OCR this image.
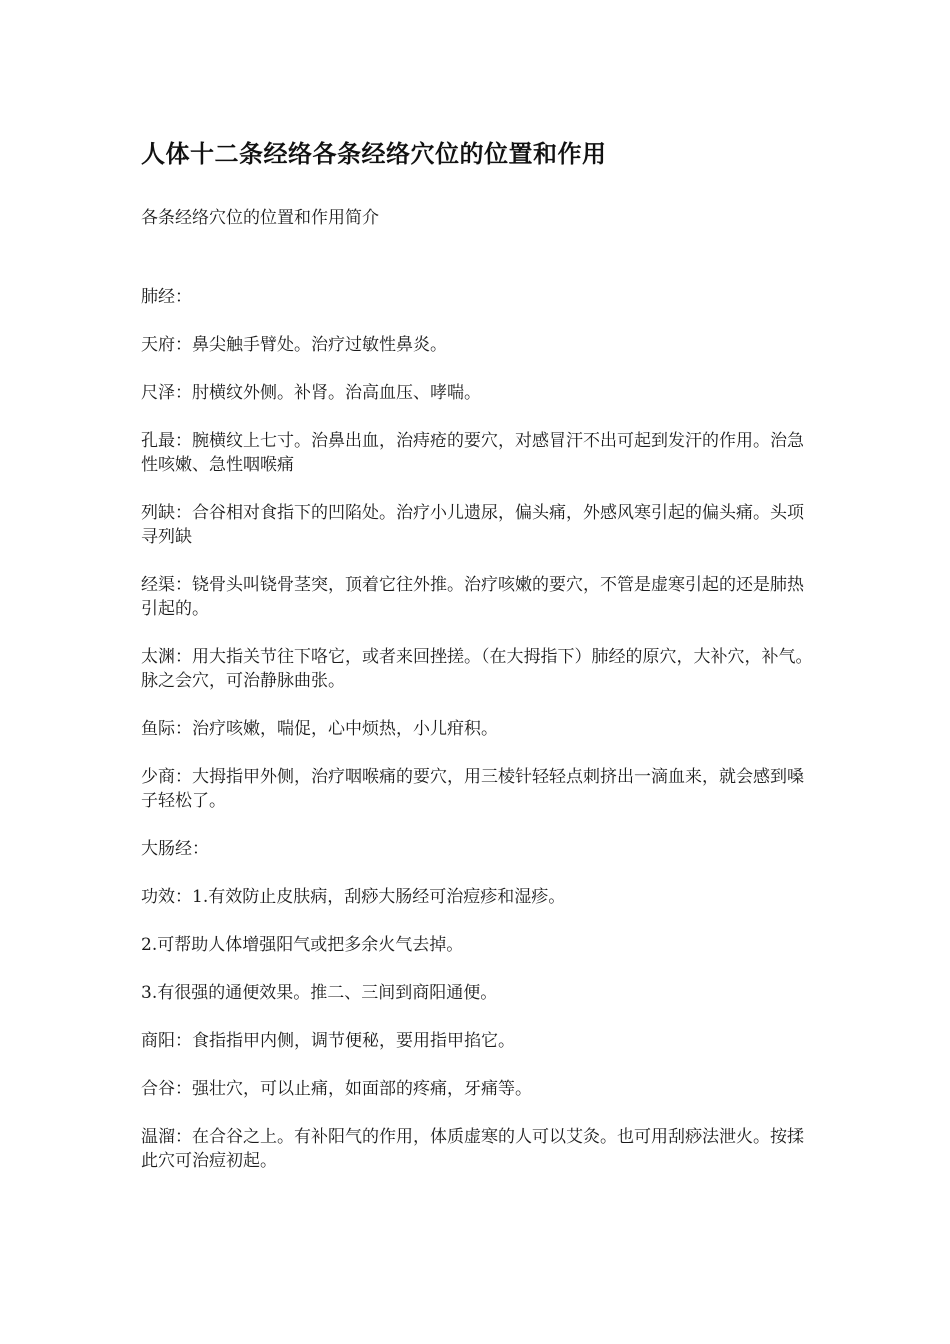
人体十二条经络各条经络穴位的位置和作用

各条经络穴位的位置和作用简介

肺经：

天府：鼻尖触手臂处。治疗过敏性鼻炎。

尺泽：肘横纹外侧。补肾。治高血压、哮喘。

孔最：腕横纹上七寸。治鼻出血，治痔疮的要穴，对感冒汗不出可起到发汗的作用。治急性咳嫩、急性咽喉痛

列缺：合谷相对食指下的凹陷处。治疗小儿遗尿，偏头痛，外感风寒引起的偏头痛。头项寻列缺

经渠：铙骨头叫铙骨茎突，顶着它往外推。治疗咳嫩的要穴，不管是虚寒引起的还是肺热引起的。

太渊：用大指关节往下咯它，或者来回挫搓。（在大拇指下）肺经的原穴，大补穴，补气。脉之会穴，可治静脉曲张。

鱼际：治疗咳嫩，喘促，心中烦热，小儿疳积。

少商：大拇指甲外侧，治疗咽喉痛的要穴，用三棱针轻轻点刺挤出一滴血来，就会感到嗓子轻松了。

大肠经：

功效：1.有效防止皮肤病，刮痧大肠经可治痘疹和湿疹。

2.可帮助人体增强阳气或把多余火气去掉。

3.有很强的通便效果。推二、三间到商阳通便。

商阳：食指指甲内侧，调节便秘，要用指甲掐它。

合谷：强壮穴，可以止痛，如面部的疼痛，牙痛等。

温溜：在合谷之上。有补阳气的作用，体质虚寒的人可以艾灸。也可用刮痧法泄火。按揉此穴可治痘初起。
